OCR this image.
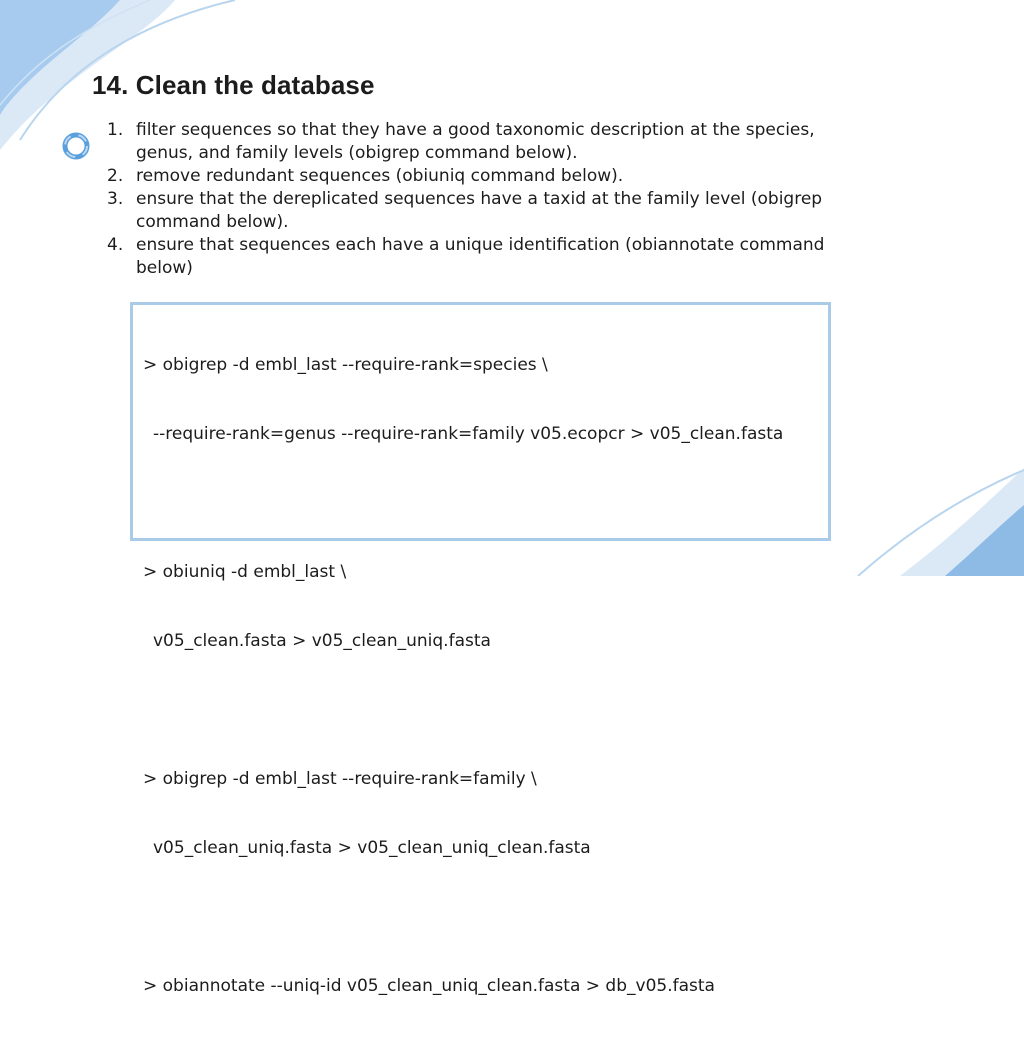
14. Clean the database
1. filter sequences so that they have a good taxonomic description at the species, genus, and family levels (obigrep command below).
2. remove redundant sequences (obiuniq command below).
3. ensure that the dereplicated sequences have a taxid at the family level (obigrep command below).
4. ensure that sequences each have a unique identification (obiannotate command below)

> obigrep -d embl_last --require-rank=species \

--require-rank=genus --require-rank=family v05.ecopcr > v05_clean.fasta

> obiuniq -d embl_last \

v05_clean.fasta > v05_clean_uniq.fasta

> obigrep -d embl_last --require-rank=family \

v05_clean_uniq.fasta > v05_clean_uniq_clean.fasta

> obiannotate --uniq-id v05_clean_uniq_clean.fasta > db_v05.fasta
